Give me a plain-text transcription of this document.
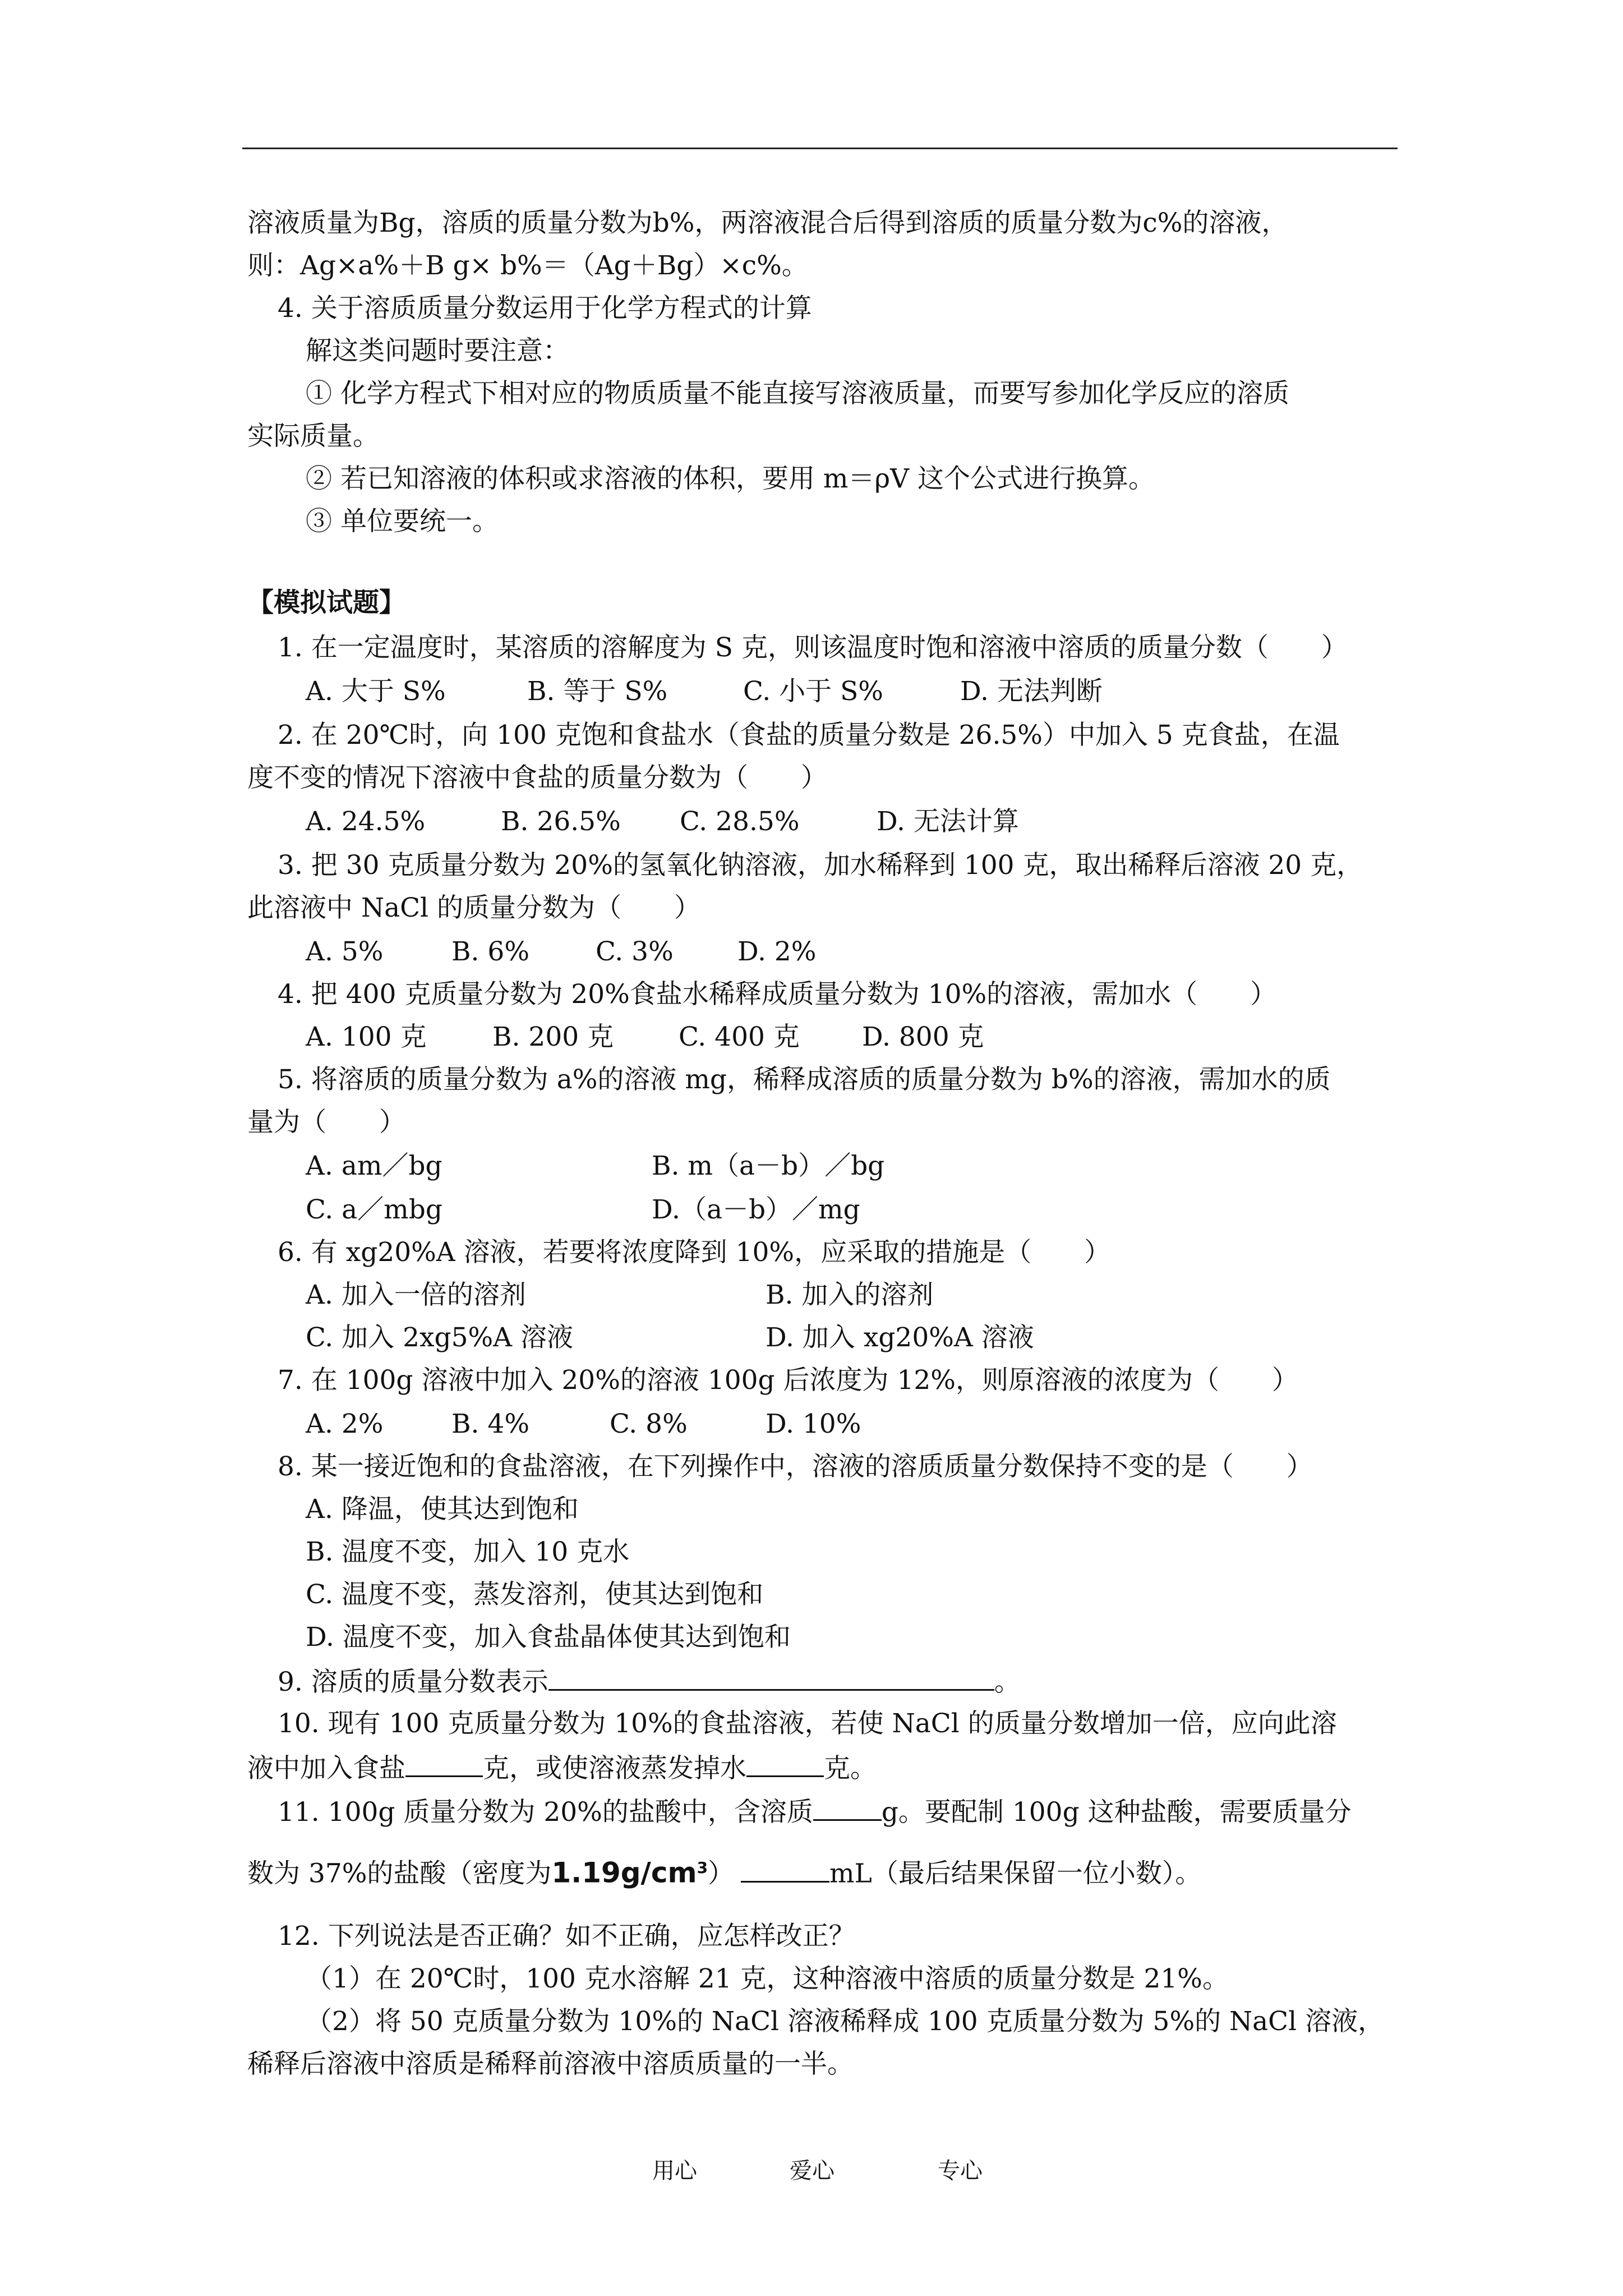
溶液质量为Bg，溶质的质量分数为b%，两溶液混合后得到溶质的质量分数为c%的溶液，
则：Ag×a%＋B g× b%＝（Ag＋Bg）×c%。
4. 关于溶质质量分数运用于化学方程式的计算
解这类问题时要注意：
① 化学方程式下相对应的物质质量不能直接写溶液质量，而要写参加化学反应的溶质
实际质量。
② 若已知溶液的体积或求溶液的体积，要用 m＝ρV 这个公式进行换算。
③ 单位要统一。
【模拟试题】
1. 在一定温度时，某溶质的溶解度为 S 克，则该温度时饱和溶液中溶质的质量分数（　　）
A. 大于 S%	B. 等于 S%	C. 小于 S%	D. 无法判断
2. 在 20℃时，向 100 克饱和食盐水（食盐的质量分数是 26.5%）中加入 5 克食盐，在温
度不变的情况下溶液中食盐的质量分数为（　　）
A. 24.5%	B. 26.5% C. 28.5%	D. 无法计算
3. 把 30 克质量分数为 20%的氢氧化钠溶液，加水稀释到 100 克，取出稀释后溶液 20 克，
此溶液中 NaCl 的质量分数为（　　）
A. 5%	B. 6%	C. 3% D. 2%
4. 把 400 克质量分数为 20%食盐水稀释成质量分数为 10%的溶液，需加水（　　）
A. 100 克	B. 200 克 C. 400 克 D. 800 克
5. 将溶质的质量分数为 a%的溶液 mg，稀释成溶质的质量分数为 b%的溶液，需加水的质
量为（　　）
A. am／bg	B. m（a－b）／bg
C. a／mbg	D.（a－b）／mg
6. 有 xg20%A 溶液，若要将浓度降到 10%，应采取的措施是（　　）
A. 加入一倍的溶剂	B. 加入的溶剂
C. 加入 2xg5%A 溶液	D. 加入 xg20%A 溶液
7. 在 100g 溶液中加入 20%的溶液 100g 后浓度为 12%，则原溶液的浓度为（　　）
A. 2%	B. 4%	C. 8%	D. 10%
8. 某一接近饱和的食盐溶液，在下列操作中，溶液的溶质质量分数保持不变的是（　　）
A. 降温，使其达到饱和
B. 温度不变，加入 10 克水
C. 温度不变，蒸发溶剂，使其达到饱和
D. 温度不变，加入食盐晶体使其达到饱和
9. 溶质的质量分数表示	。
10. 现有 100 克质量分数为 10%的食盐溶液，若使 NaCl 的质量分数增加一倍，应向此溶
液中加入食盐	克，或使溶液蒸发掉水	克。
11. 100g 质量分数为 20%的盐酸中，含溶质	g。要配制 100g 这种盐酸，需要质量分
数为 37%的盐酸（密度为$1.19g/cm^3$）	mL（最后结果保留一位小数）。
12. 下列说法是否正确？如不正确，应怎样改正？
（1）在 20℃时，100 克水溶解 21 克，这种溶液中溶质的质量分数是 21%。
（2）将 50 克质量分数为 10%的 NaCl 溶液稀释成 100 克质量分数为 5%的 NaCl 溶液，
稀释后溶液中溶质是稀释前溶液中溶质质量的一半。
用心	爱心	专心
